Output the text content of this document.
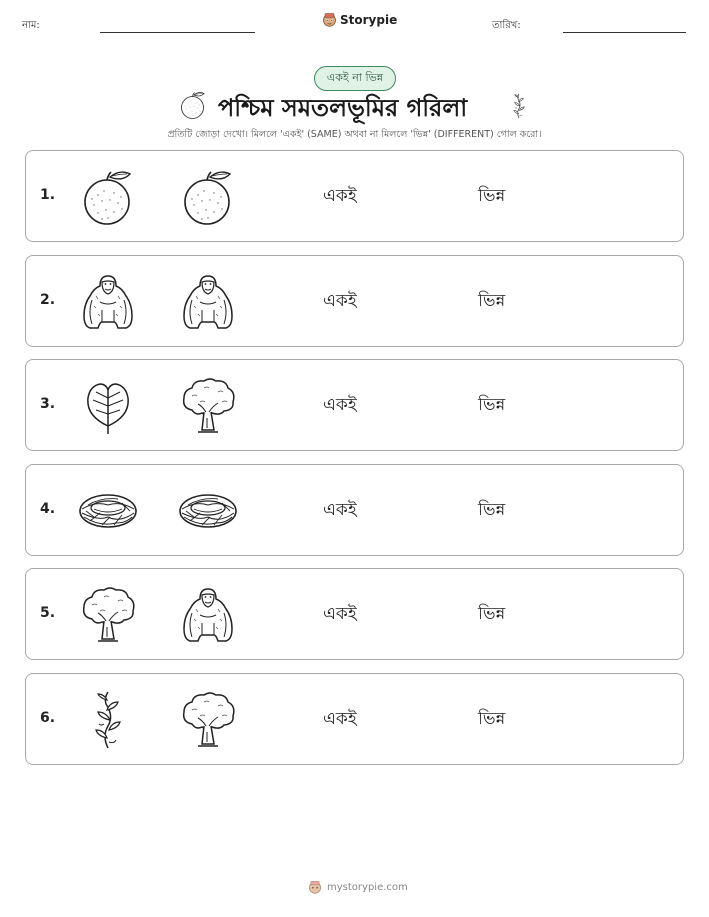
নাম:	Storypie	তারিখ:
একই না ভিন্ন
পশ্চিম সমতলভূমির গরিলা
প্রতিটি জোড়া দেখো। মিললে 'একই' (SAME) অথবা না মিললে 'ভিন্ন' (DIFFERENT) গোল করো।
1.	একই	ভিন্ন
2.	একই	ভিন্ন
3.	একই	ভিন্ন
4.	একই	ভিন্ন
5.	একই	ভিন্ন
6.	একই	ভিন্ন
mystorypie.com
